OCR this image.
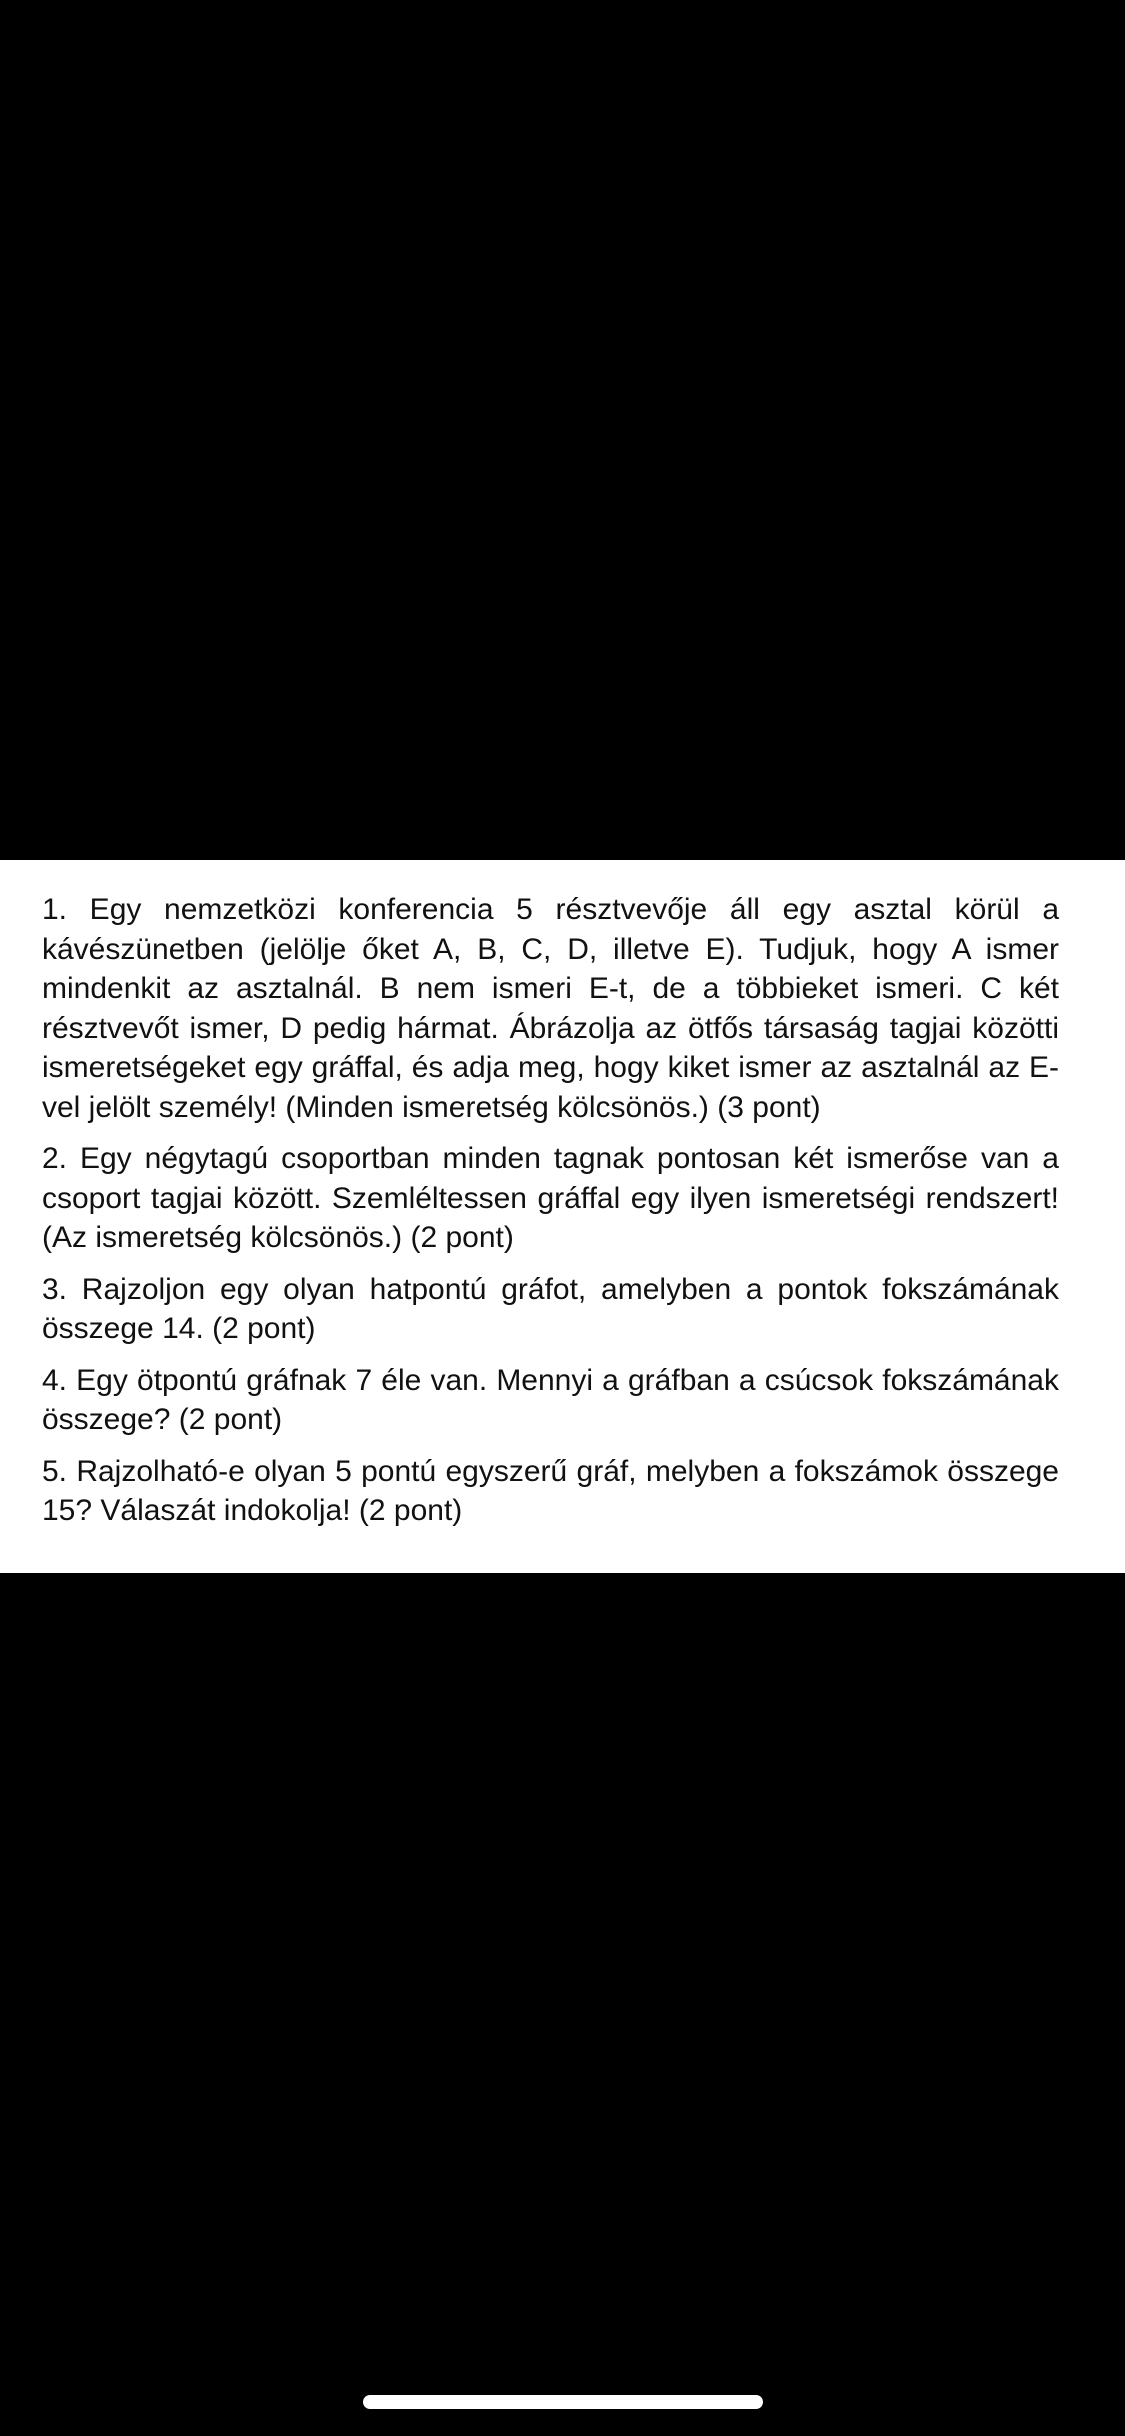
1. Egy nemzetközi konferencia 5 résztvevője áll egy asztal körül a kávészünetben (jelölje őket A, B, C, D, illetve E). Tudjuk, hogy A ismer mindenkit az asztalnál. B nem ismeri E-t, de a többieket ismeri. C két résztvevőt ismer, D pedig hármat. Ábrázolja az ötfős társaság tagjai közötti ismeretségeket egy gráffal, és adja meg, hogy kiket ismer az asztalnál az E-vel jelölt személy! (Minden ismeretség kölcsönös.) (3 pont)

2. Egy négytagú csoportban minden tagnak pontosan két ismerőse van a csoport tagjai között. Szemléltessen gráffal egy ilyen ismeretségi rendszert! (Az ismeretség kölcsönös.) (2 pont)

3. Rajzoljon egy olyan hatpontú gráfot, amelyben a pontok fokszámának összege 14. (2 pont)

4. Egy ötpontú gráfnak 7 éle van. Mennyi a gráfban a csúcsok fokszámának összege? (2 pont)

5. Rajzolható-e olyan 5 pontú egyszerű gráf, melyben a fokszámok összege 15? Válaszát indokolja! (2 pont)
